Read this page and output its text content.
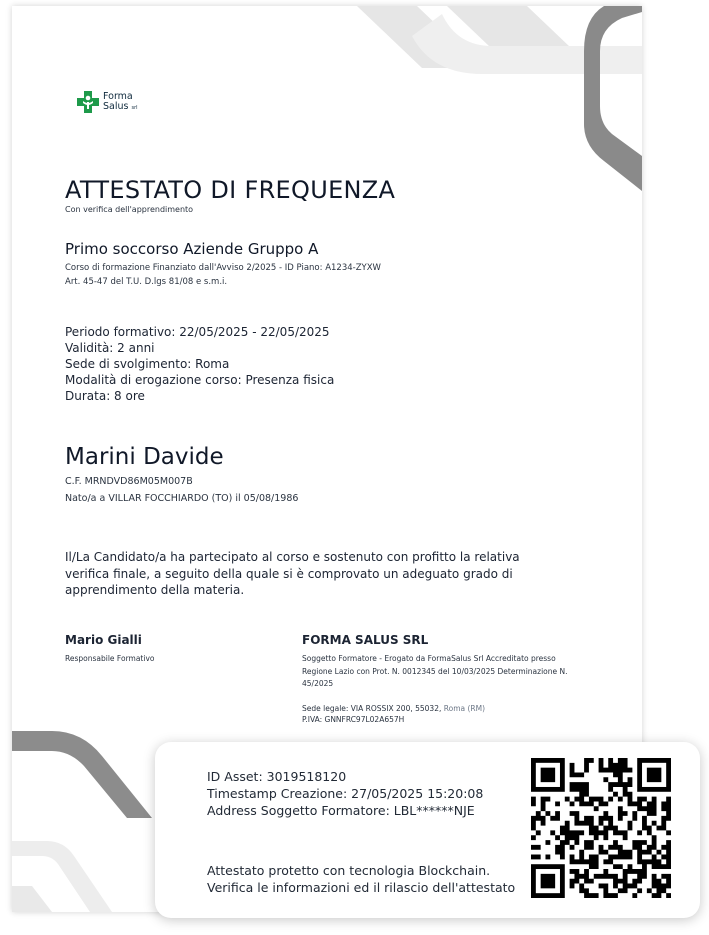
Forma
Salus srl
ATTESTATO DI FREQUENZA
Con verifica dell'apprendimento
Primo soccorso Aziende Gruppo A
Corso di formazione Finanziato dall'Avviso 2/2025 - ID Piano: A1234-ZYXW
Art. 45-47 del T.U. D.lgs 81/08 e s.m.i.
Periodo formativo: 22/05/2025 - 22/05/2025
Validità: 2 anni
Sede di svolgimento: Roma
Modalità di erogazione corso: Presenza fisica
Durata: 8 ore
Marini Davide
C.F. MRNDVD86M05M007B
Nato/a a VILLAR FOCCHIARDO (TO) il 05/08/1986

Il/La Candidato/a ha partecipato al corso e sostenuto con profitto la relativa verifica finale, a seguito della quale si è comprovato un adeguato grado di apprendimento della materia.

Mario Gialli
Responsabile Formativo
FORMA SALUS SRL
Soggetto Formatore - Erogato da FormaSalus Srl Accreditato presso Regione Lazio con Prot. N. 0012345 del 10/03/2025 Determinazione N. 45/2025
Sede legale: VIA ROSSIX 200, 55032, Roma (RM)
P.IVA: GNNFRC97L02A657H
ID Asset: 3019518120
Timestamp Creazione: 27/05/2025 15:20:08
Address Soggetto Formatore: LBL******NJE
Attestato protetto con tecnologia Blockchain.
Verifica le informazioni ed il rilascio dell'attestato
